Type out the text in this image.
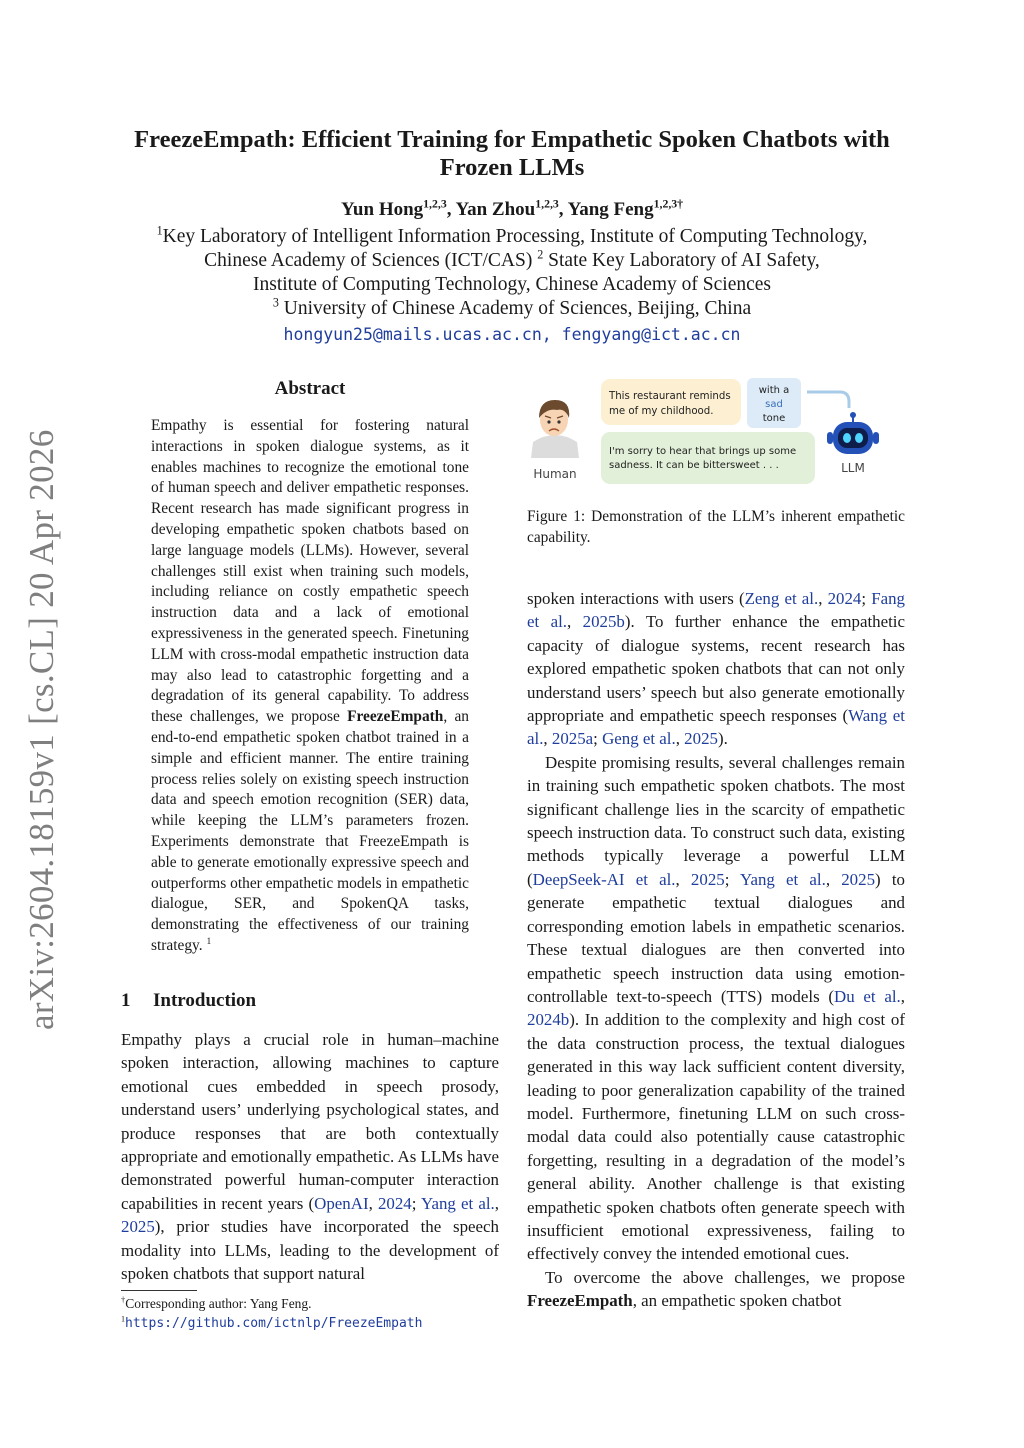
arXiv:2604.18159v1 [cs.CL] 20 Apr 2026
FreezeEmpath: Efficient Training for Empathetic Spoken Chatbots with
Frozen LLMs
Yun Hong$^{1,2,3}$, Yan Zhou$^{1,2,3}$, Yang Feng$^{1,2,3\dagger}$
$^1$Key Laboratory of Intelligent Information Processing, Institute of Computing Technology,
Chinese Academy of Sciences (ICT/CAS) $^2$ State Key Laboratory of AI Safety,
Institute of Computing Technology, Chinese Academy of Sciences
$^3$ University of Chinese Academy of Sciences, Beijing, China
hongyun25@mails.ucas.ac.cn, fengyang@ict.ac.cn
Abstract
Empathy is essential for fostering natural interactions in spoken dialogue systems, as it enables machines to recognize the emotional tone of human speech and deliver empathetic responses. Recent research has made significant progress in developing empathetic spoken chatbots based on large language models (LLMs). However, several challenges still exist when training such models, including reliance on costly empathetic speech instruction data and a lack of emotional expressiveness in the generated speech. Finetuning LLM with cross-modal empathetic instruction data may also lead to catastrophic forgetting and a degradation of its general capability. To address these challenges, we propose FreezeEmpath, an end-to-end empathetic spoken chatbot trained in a simple and efficient manner. The entire training process relies solely on existing speech instruction data and speech emotion recognition (SER) data, while keeping the LLM’s parameters frozen. Experiments demonstrate that FreezeEmpath is able to generate emotionally expressive speech and outperforms other empathetic models in empathetic dialogue, SER, and SpokenQA tasks, demonstrating the effectiveness of our training strategy. $^1$
1 Introduction
Empathy plays a crucial role in human–machine spoken interaction, allowing machines to capture emotional cues embedded in speech prosody, understand users’ underlying psychological states, and produce responses that are both contextually appropriate and emotionally empathetic. As LLMs have demonstrated powerful human-computer interaction capabilities in recent years (OpenAI, 2024; Yang et al., 2025), prior studies have incorporated the speech modality into LLMs, leading to the development of spoken chatbots that support natural
†Corresponding author: Yang Feng.
$^1$https://github.com/ictnlp/FreezeEmpath
Human
This restaurant reminds
me of my childhood.
with a
sad
tone
I'm sorry to hear that brings up some
sadness. It can be bittersweet . . .	LLM
Figure 1: Demonstration of the LLM’s inherent empathetic capability.

spoken interactions with users (Zeng et al., 2024; Fang et al., 2025b). To further enhance the empathetic capacity of dialogue systems, recent research has explored empathetic spoken chatbots that can not only understand users’ speech but also generate emotionally appropriate and empathetic speech responses (Wang et al., 2025a; Geng et al., 2025).

Despite promising results, several challenges remain in training such empathetic spoken chatbots. The most significant challenge lies in the scarcity of empathetic speech instruction data. To construct such data, existing methods typically leverage a powerful LLM (DeepSeek-AI et al., 2025; Yang et al., 2025) to generate empathetic textual dialogues and corresponding emotion labels in empathetic scenarios. These textual dialogues are then converted into empathetic speech instruction data using emotion-controllable text-to-speech (TTS) models (Du et al., 2024b). In addition to the complexity and high cost of the data construction process, the textual dialogues generated in this way lack sufficient content diversity, leading to poor generalization capability of the trained model. Furthermore, finetuning LLM on such cross-modal data could also potentially cause catastrophic forgetting, resulting in a degradation of the model’s general ability. Another challenge is that existing empathetic spoken chatbots often generate speech with insufficient emotional expressiveness, failing to effectively convey the intended emotional cues.

To overcome the above challenges, we propose FreezeEmpath, an empathetic spoken chatbot
